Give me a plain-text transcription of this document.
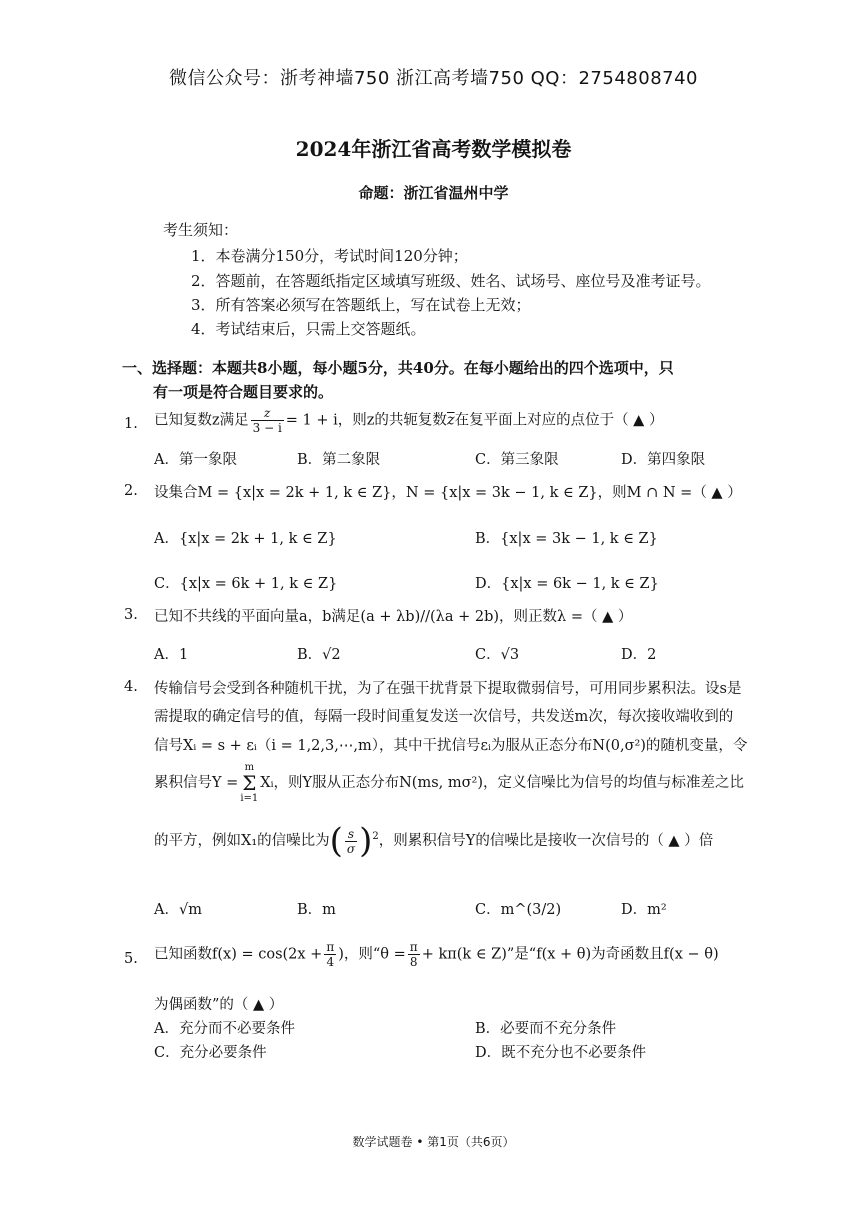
微信公众号：浙考神墙750 浙江高考墙750 QQ：2754808740
2024年浙江省高考数学模拟卷
命题：浙江省温州中学
考生须知：
1．本卷满分150分，考试时间120分钟；
2．答题前，在答题纸指定区域填写班级、姓名、试场号、座位号及准考证号。
3．所有答案必须写在答题纸上，写在试卷上无效；
4．考试结束后，只需上交答题纸。
一、选择题：本题共8小题，每小题5分，共40分。在每小题给出的四个选项中，只
有一项是符合题目要求的。
1. 已知复数z满足 $\frac{z}{3 - i} = 1 + i$，则z的共轭复数$\overline{z}$在复平面上对应的点位于（ ▲ ）
A．第一象限	B．第二象限	C．第三象限	D．第四象限
2. 设集合M = {x|x = 2k + 1, k ∈ Z}，N = {x|x = 3k − 1, k ∈ Z}，则M ∩ N =（ ▲ ）
A．{x|x = 2k + 1, k ∈ Z}	B．{x|x = 3k − 1, k ∈ Z}
C．{x|x = 6k + 1, k ∈ Z}	D．{x|x = 6k − 1, k ∈ Z}
3. 已知不共线的平面向量a，b满足(a + λb)//(λa + 2b)，则正数λ =（ ▲ ）
A．1	B．√2	C．√3	D．2
4. 传输信号会受到各种随机干扰，为了在强干扰背景下提取微弱信号，可用同步累积法。设s是
需提取的确定信号的值，每隔一段时间重复发送一次信号，共发送m次，每次接收端收到的
信号Xᵢ = s + εᵢ（i = 1,2,3,⋯,m），其中干扰信号εᵢ为服从正态分布N(0,σ²)的随机变量，令
累积信号Y =m
Σ
i=1Xᵢ，则Y服从正态分布N(ms, mσ²)，定义信噪比为信号的均值与标准差之比
的平方，例如X₁的信噪比为( $\frac{s}{\sigma} )^2$，则累积信号Y的信噪比是接收一次信号的（ ▲ ）倍
A．√m	B．m	C．m^(3/2)	D．m²
5. 已知函数$f(x) = \cos(2x + \frac{\pi}{4}$ )，则“$\theta = \frac{\pi}{8} + k\pi(k$ ∈ Z)”是“f(x + θ)为奇函数且f(x − θ)
为偶函数”的（ ▲ ）
A．充分而不必要条件	B．必要而不充分条件
C．充分必要条件	D．既不充分也不必要条件
数学试题卷 • 第1页（共6页）
